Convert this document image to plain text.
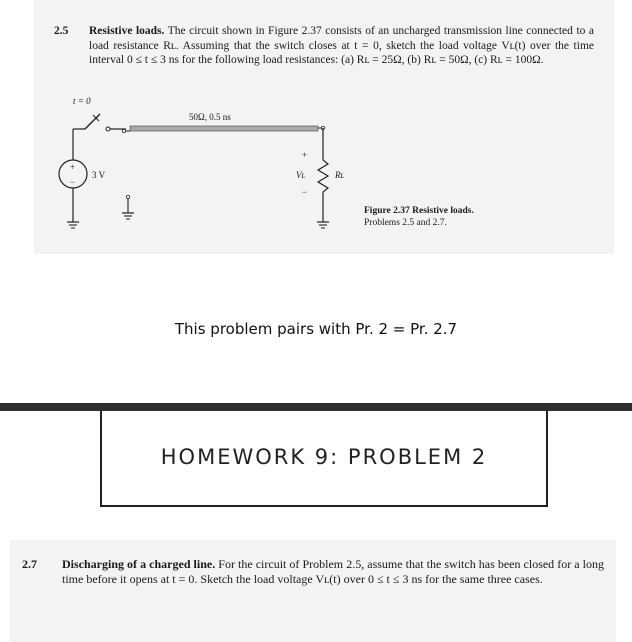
2.5 Resistive loads. The circuit shown in Figure 2.37 consists of an uncharged transmission line connected to a load resistance Rʟ. Assuming that the switch closes at t = 0, sketch the load voltage Vʟ(t) over the time interval 0 ≤ t ≤ 3 ns for the following load resistances: (a) Rʟ = 25Ω, (b) Rʟ = 50Ω, (c) Rʟ = 100Ω.
t = 0
50Ω, 0.5 ns
+
−
3 V
+
Vʟ
−
Rʟ
Figure 2.37 Resistive loads.
Problems 2.5 and 2.7.
This problem pairs with Pr. 2 = Pr. 2.7
HOMEWORK 9: PROBLEM 2
2.7 Discharging of a charged line. For the circuit of Problem 2.5, assume that the switch has been closed for a long time before it opens at t = 0. Sketch the load voltage Vʟ(t) over 0 ≤ t ≤ 3 ns for the same three cases.
